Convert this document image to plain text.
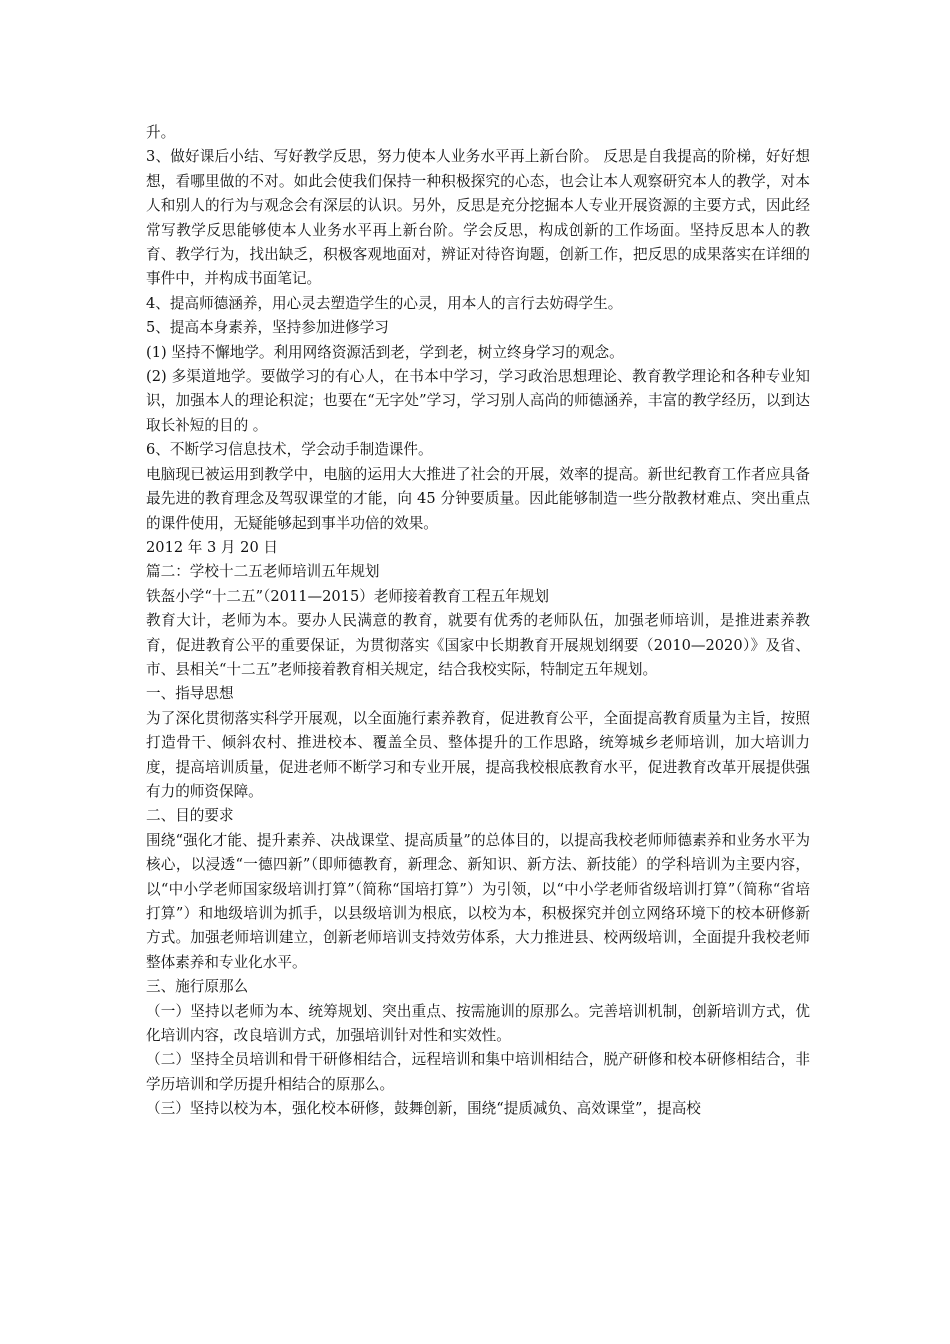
升。

3、做好课后小结、写好教学反思，努力使本人业务水平再上新台阶。 反思是自我提高的阶梯，好好想想，看哪里做的不对。如此会使我们保持一种积极探究的心态，也会让本人观察研究本人的教学，对本人和别人的行为与观念会有深层的认识。另外，反思是充分挖掘本人专业开展资源的主要方式，因此经常写教学反思能够使本人业务水平再上新台阶。学会反思，构成创新的工作场面。坚持反思本人的教育、教学行为，找出缺乏，积极客观地面对，辨证对待咨询题，创新工作，把反思的成果落实在详细的事件中，并构成书面笔记。

4、提高师德涵养，用心灵去塑造学生的心灵，用本人的言行去妨碍学生。

5、提高本身素养，坚持参加进修学习

(1) 坚持不懈地学。利用网络资源活到老，学到老，树立终身学习的观念。

(2) 多渠道地学。要做学习的有心人，在书本中学习，学习政治思想理论、教育教学理论和各种专业知识，加强本人的理论积淀；也要在“无字处”学习，学习别人高尚的师德涵养，丰富的教学经历，以到达取长补短的目的 。

6、不断学习信息技术，学会动手制造课件。

电脑现已被运用到教学中，电脑的运用大大推进了社会的开展，效率的提高。新世纪教育工作者应具备最先进的教育理念及驾驭课堂的才能，向 45 分钟要质量。因此能够制造一些分散教材难点、突出重点的课件使用，无疑能够起到事半功倍的效果。

2012 年 3 月 20 日

篇二：学校十二五老师培训五年规划

铁盔小学“十二五”（2011—2015）老师接着教育工程五年规划

教育大计，老师为本。要办人民满意的教育，就要有优秀的老师队伍，加强老师培训，是推进素养教育，促进教育公平的重要保证，为贯彻落实《国家中长期教育开展规划纲要（2010—2020）》及省、市、县相关“十二五”老师接着教育相关规定，结合我校实际，特制定五年规划。

一、指导思想

为了深化贯彻落实科学开展观，以全面施行素养教育，促进教育公平，全面提高教育质量为主旨，按照打造骨干、倾斜农村、推进校本、覆盖全员、整体提升的工作思路，统筹城乡老师培训，加大培训力度，提高培训质量，促进老师不断学习和专业开展，提高我校根底教育水平，促进教育改革开展提供强有力的师资保障。

二、目的要求

围绕“强化才能、提升素养、决战课堂、提高质量”的总体目的，以提高我校老师师德素养和业务水平为核心，以浸透“一德四新”（即师德教育，新理念、新知识、新方法、新技能）的学科培训为主要内容，以“中小学老师国家级培训打算”（简称“国培打算”）为引领，以“中小学老师省级培训打算”（简称“省培打算”）和地级培训为抓手，以县级培训为根底，以校为本，积极探究并创立网络环境下的校本研修新方式。加强老师培训建立，创新老师培训支持效劳体系，大力推进县、校两级培训，全面提升我校老师整体素养和专业化水平。

三、施行原那么

（一）坚持以老师为本、统筹规划、突出重点、按需施训的原那么。完善培训机制，创新培训方式，优化培训内容，改良培训方式，加强培训针对性和实效性。

（二）坚持全员培训和骨干研修相结合，远程培训和集中培训相结合，脱产研修和校本研修相结合，非学历培训和学历提升相结合的原那么。

（三）坚持以校为本，强化校本研修，鼓舞创新，围绕“提质减负、高效课堂”，提高校
